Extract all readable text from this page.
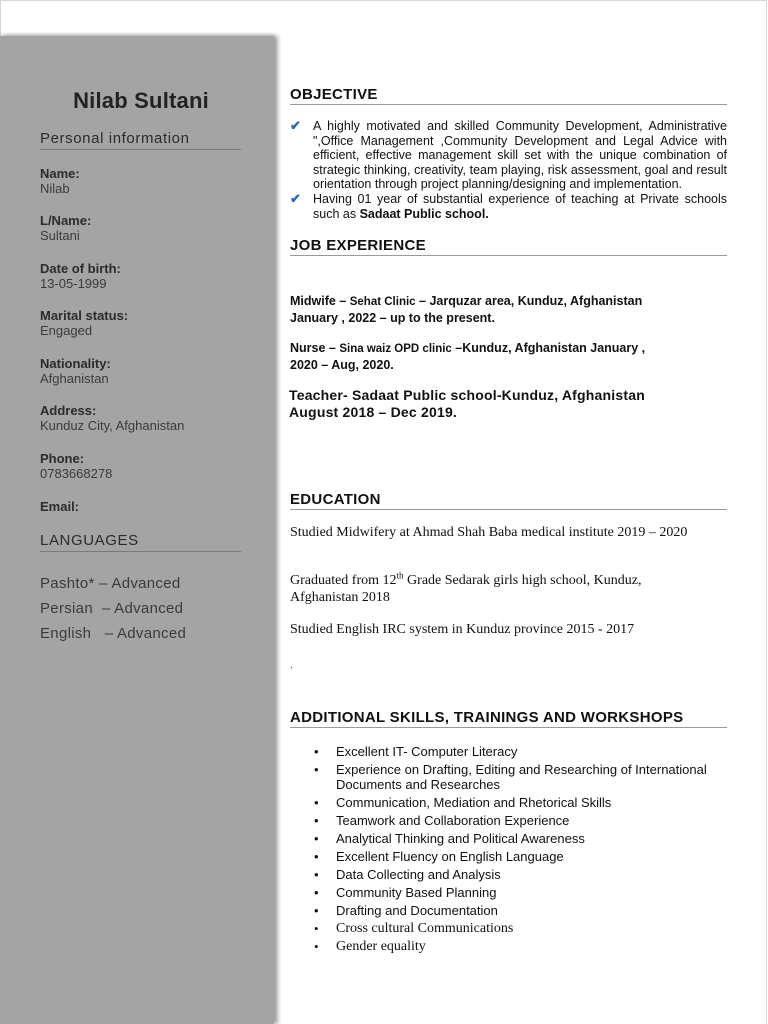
Nilab Sultani
Personal information
Name:
Nilab
L/Name:
Sultani
Date of birth:
13-05-1999
Marital status:
Engaged
Nationality:
Afghanistan
Address:
Kunduz City, Afghanistan
Phone:
0783668278
Email:
LANGUAGES
Pashto* – Advanced
Persian  – Advanced
English   – Advanced
OBJECTIVE
✔ A highly motivated and skilled Community Development, Administrative ",Office Management ,Community Development and Legal Advice with efficient, effective management skill set with the unique combination of strategic thinking, creativity, team playing, risk assessment, goal and result orientation through project planning/designing and implementation.
✔ Having 01 year of substantial experience of teaching at Private schools such as Sadaat Public school.
JOB EXPERIENCE
Midwife – Sehat Clinic – Jarquzar area, Kunduz, Afghanistan
January , 2022 – up to the present.
Nurse – Sina waiz OPD clinic –Kunduz, Afghanistan January ,
2020 – Aug, 2020.
Teacher- Sadaat Public school-Kunduz, Afghanistan
August 2018 – Dec 2019.
EDUCATION
Studied Midwifery at Ahmad Shah Baba medical institute 2019 – 2020
Graduated from 12th Grade Sedarak girls high school, Kunduz, Afghanistan 2018
Studied English IRC system in Kunduz province 2015 - 2017
.
ADDITIONAL SKILLS, TRAININGS AND WORKSHOPS
• Excellent IT- Computer Literacy
• Experience on Drafting, Editing and Researching of International Documents and Researches
• Communication, Mediation and Rhetorical Skills
• Teamwork and Collaboration Experience
• Analytical Thinking and Political Awareness
• Excellent Fluency on English Language
• Data Collecting and Analysis
• Community Based Planning
• Drafting and Documentation
• Cross cultural Communications
• Gender equality
